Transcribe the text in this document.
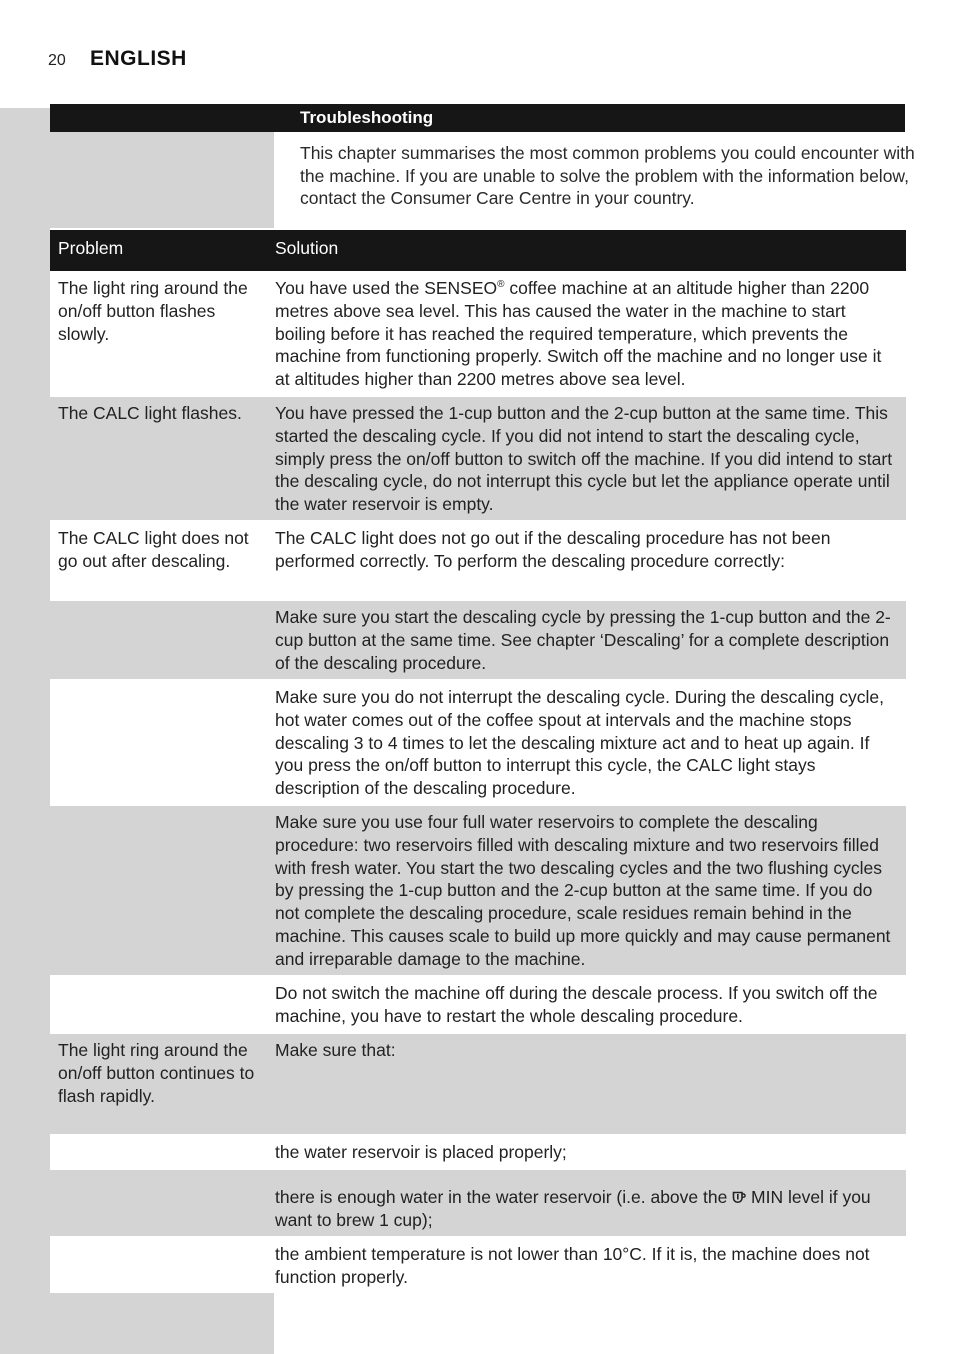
20 ENGLISH
Troubleshooting
This chapter summarises the most common problems you could encounter with the machine. If you are unable to solve the problem with the information below, contact the Consumer Care Centre in your country.
Problem	Solution
The light ring around the on/off button flashes slowly.
You have used the SENSEO® coffee machine at an altitude higher than 2200 metres above sea level. This has caused the water in the machine to start boiling before it has reached the required temperature, which prevents the machine from functioning properly. Switch off the machine and no longer use it at altitudes higher than 2200 metres above sea level.
The CALC light flashes.	You have pressed the 1-cup button and the 2-cup button at the same time. This started the descaling cycle. If you did not intend to start the descaling cycle, simply press the on/off button to switch off the machine. If you did intend to start the descaling cycle, do not interrupt this cycle but let the appliance operate until the water reservoir is empty.
The CALC light does not go out after descaling.
The CALC light does not go out if the descaling procedure has not been performed correctly. To perform the descaling procedure correctly:
Make sure you start the descaling cycle by pressing the 1-cup button and the 2-cup button at the same time. See chapter ‘Descaling’ for a complete description of the descaling procedure.
Make sure you do not interrupt the descaling cycle. During the descaling cycle, hot water comes out of the coffee spout at intervals and the machine stops descaling 3 to 4 times to let the descaling mixture act and to heat up again. If you press the on/off button to interrupt this cycle, the CALC light stays description of the descaling procedure.
Make sure you use four full water reservoirs to complete the descaling procedure: two reservoirs filled with descaling mixture and two reservoirs filled with fresh water. You start the two descaling cycles and the two flushing cycles by pressing the 1-cup button and the 2-cup button at the same time. If you do not complete the descaling procedure, scale residues remain behind in the machine. This causes scale to build up more quickly and may cause permanent and irreparable damage to the machine.
Do not switch the machine off during the descale process. If you switch off the machine, you have to restart the whole descaling procedure.
The light ring around the on/off button continues to flash rapidly.
Make sure that:
the water reservoir is placed properly;
there is enough water in the water reservoir (i.e. above the  MIN level if you want to brew 1 cup);
the ambient temperature is not lower than 10°C. If it is, the machine does not function properly.
